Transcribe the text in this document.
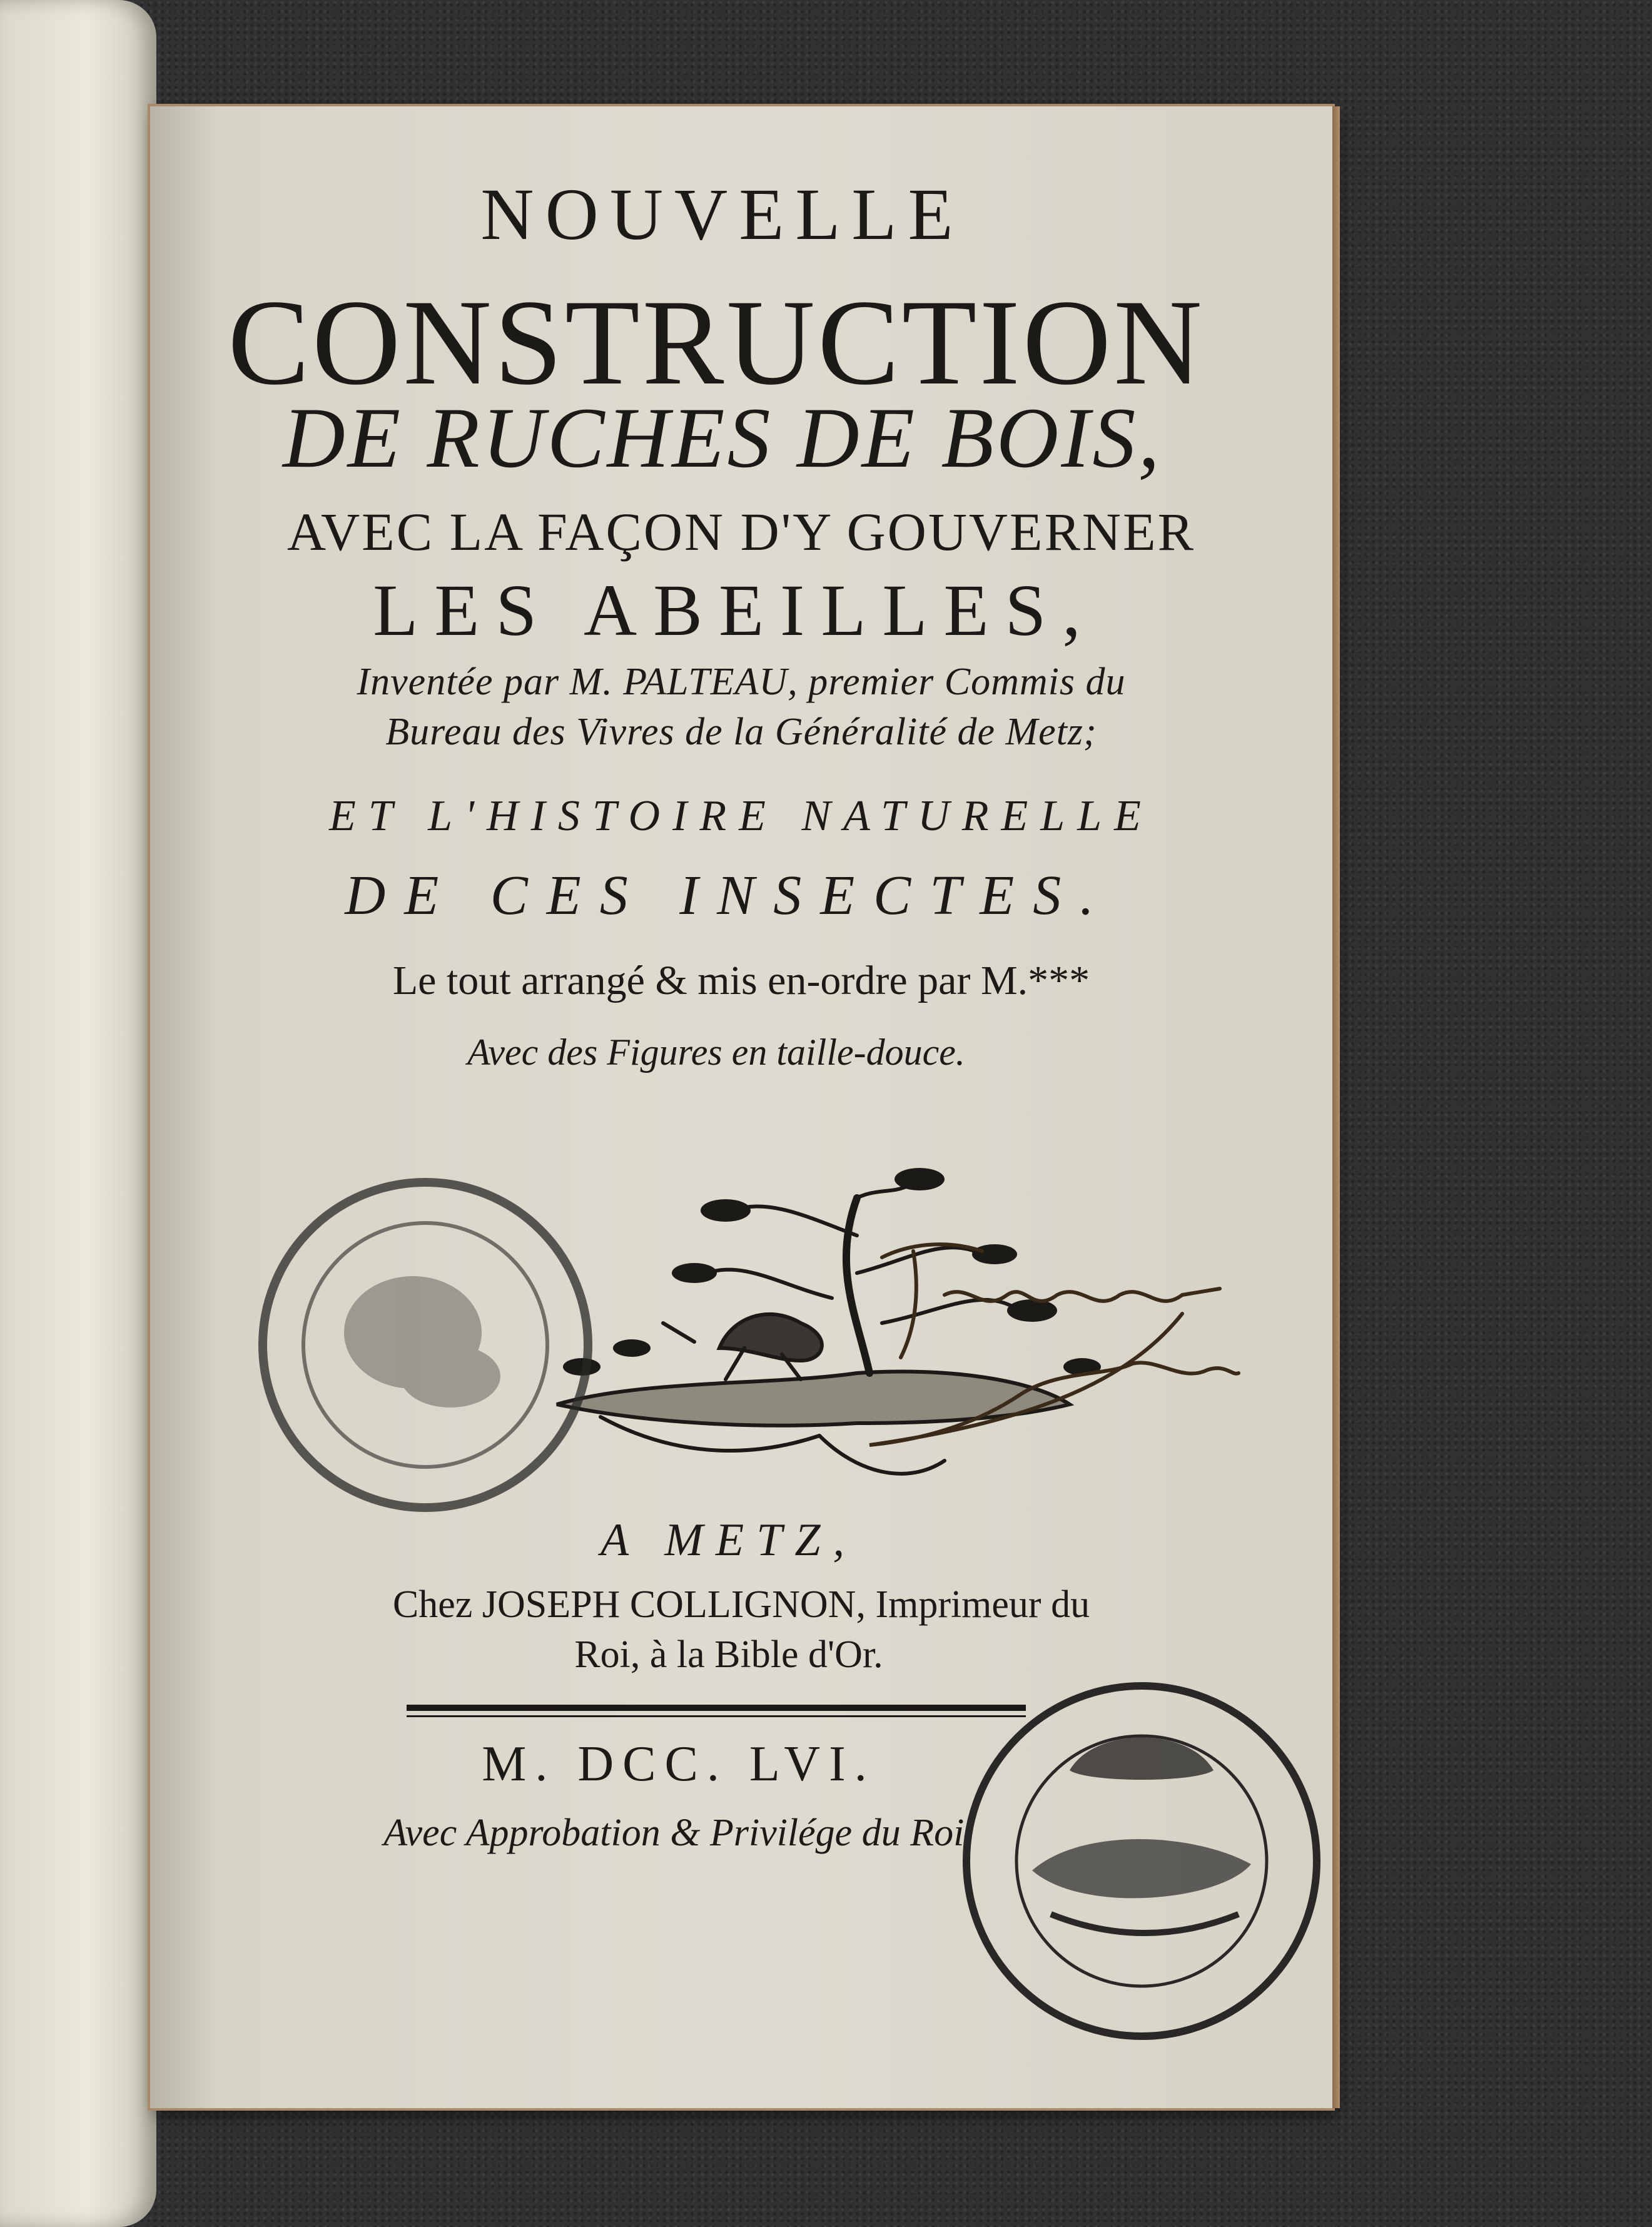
NOUVELLE
CONSTRUCTION
DE RUCHES DE BOIS,
AVEC LA FAÇON D'Y GOUVERNER
LES ABEILLES,
Inventée par M. PALTEAU, premier Commis du
Bureau des Vivres de la Généralité de Metz;
ET L'HISTOIRE NATURELLE
DE CES INSECTES.
Le tout arrangé & mis en-ordre par M.***
Avec des Figures en taille-douce.
A METZ,
Chez JOSEPH COLLIGNON, Imprimeur du
Roi, à la Bible d'Or.
M. DCC. LVI.
Avec Approbation & Privilége du Roi.
